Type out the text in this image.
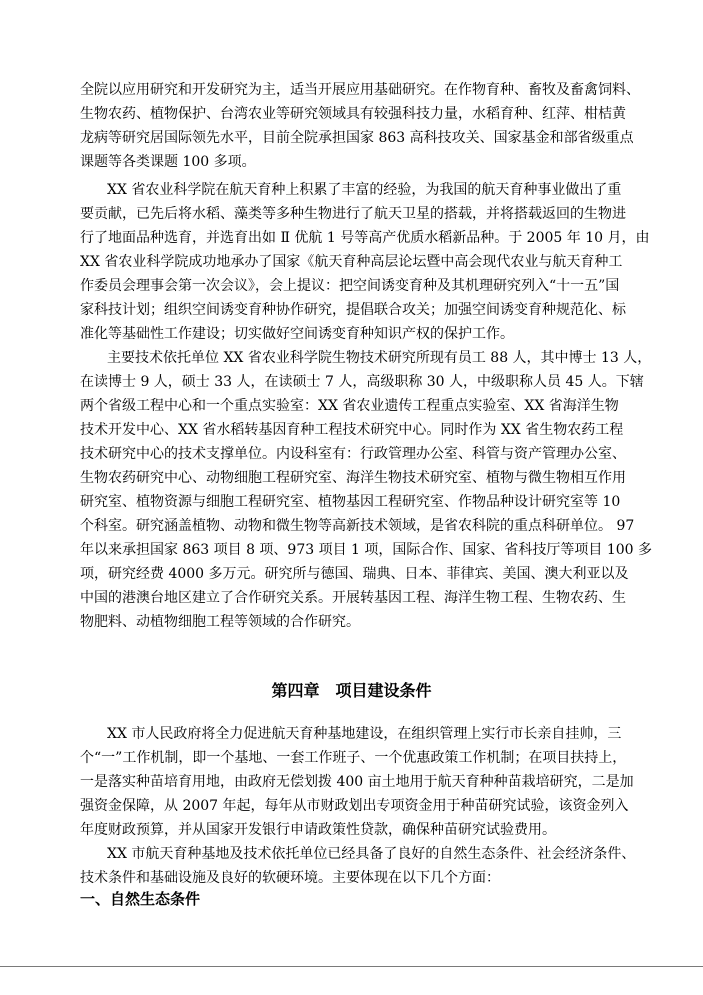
全院以应用研究和开发研究为主，适当开展应用基础研究。在作物育种、畜牧及畜禽饲料、
生物农药、植物保护、台湾农业等研究领域具有较强科技力量，水稻育种、红萍、柑桔黄
龙病等研究居国际领先水平，目前全院承担国家 863 高科技攻关、国家基金和部省级重点
课题等各类课题 100 多项。
XX 省农业科学院在航天育种上积累了丰富的经验，为我国的航天育种事业做出了重
要贡献，已先后将水稻、藻类等多种生物进行了航天卫星的搭载，并将搭载返回的生物进
行了地面品种选育，并选育出如 Ⅱ 优航 1 号等高产优质水稻新品种。于 2005 年 10 月，由
XX 省农业科学院成功地承办了国家《航天育种高层论坛暨中高会现代农业与航天育种工
作委员会理事会第一次会议》，会上提议：把空间诱变育种及其机理研究列入“十一五”国
家科技计划；组织空间诱变育种协作研究，提倡联合攻关；加强空间诱变育种规范化、标
准化等基础性工作建设；切实做好空间诱变育种知识产权的保护工作。
主要技术依托单位 XX 省农业科学院生物技术研究所现有员工 88 人，其中博士 13 人，
在读博士 9 人，硕士 33 人，在读硕士 7 人，高级职称 30 人，中级职称人员 45 人。下辖
两个省级工程中心和一个重点实验室：XX 省农业遗传工程重点实验室、XX 省海洋生物
技术开发中心、XX 省水稻转基因育种工程技术研究中心。同时作为 XX 省生物农药工程
技术研究中心的技术支撑单位。内设科室有：行政管理办公室、科管与资产管理办公室、
生物农药研究中心、动物细胞工程研究室、海洋生物技术研究室、植物与微生物相互作用
研究室、植物资源与细胞工程研究室、植物基因工程研究室、作物品种设计研究室等 10
个科室。研究涵盖植物、动物和微生物等高新技术领域，是省农科院的重点科研单位。 97
年以来承担国家 863 项目 8 项、973 项目 1 项，国际合作、国家、省科技厅等项目 100 多
项，研究经费 4000 多万元。研究所与德国、瑞典、日本、菲律宾、美国、澳大利亚以及
中国的港澳台地区建立了合作研究关系。开展转基因工程、海洋生物工程、生物农药、生
物肥料、动植物细胞工程等领域的合作研究。
第四章　项目建设条件
XX 市人民政府将全力促进航天育种基地建设，在组织管理上实行市长亲自挂帅，三
个“一”工作机制，即一个基地、一套工作班子、一个优惠政策工作机制；在项目扶持上，
一是落实种苗培育用地，由政府无偿划拨 400 亩土地用于航天育种种苗栽培研究，二是加
强资金保障，从 2007 年起，每年从市财政划出专项资金用于种苗研究试验，该资金列入
年度财政预算，并从国家开发银行申请政策性贷款，确保种苗研究试验费用。
XX 市航天育种基地及技术依托单位已经具备了良好的自然生态条件、社会经济条件、
技术条件和基础设施及良好的软硬环境。主要体现在以下几个方面：
一、自然生态条件
